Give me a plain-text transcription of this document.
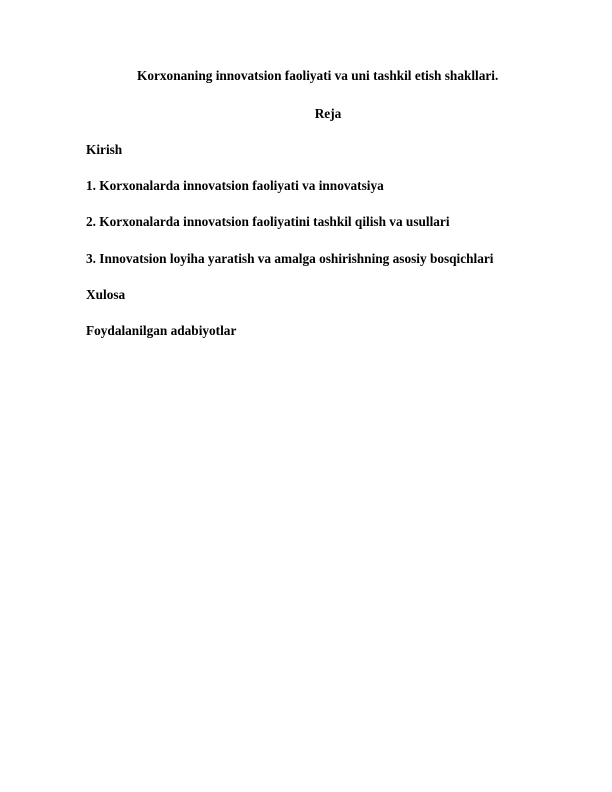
Korxonaning innovatsion faoliyati va uni tashkil etish shakllari.
Reja
Kirish
1. Korxonalarda innovatsion faoliyati va innovatsiya
2. Korxonalarda innovatsion faoliyatini tashkil qilish va usullari
3. Innovatsion loyiha yaratish va amalga oshirishning asosiy bosqichlari
Xulosa
Foydalanilgan adabiyotlar
